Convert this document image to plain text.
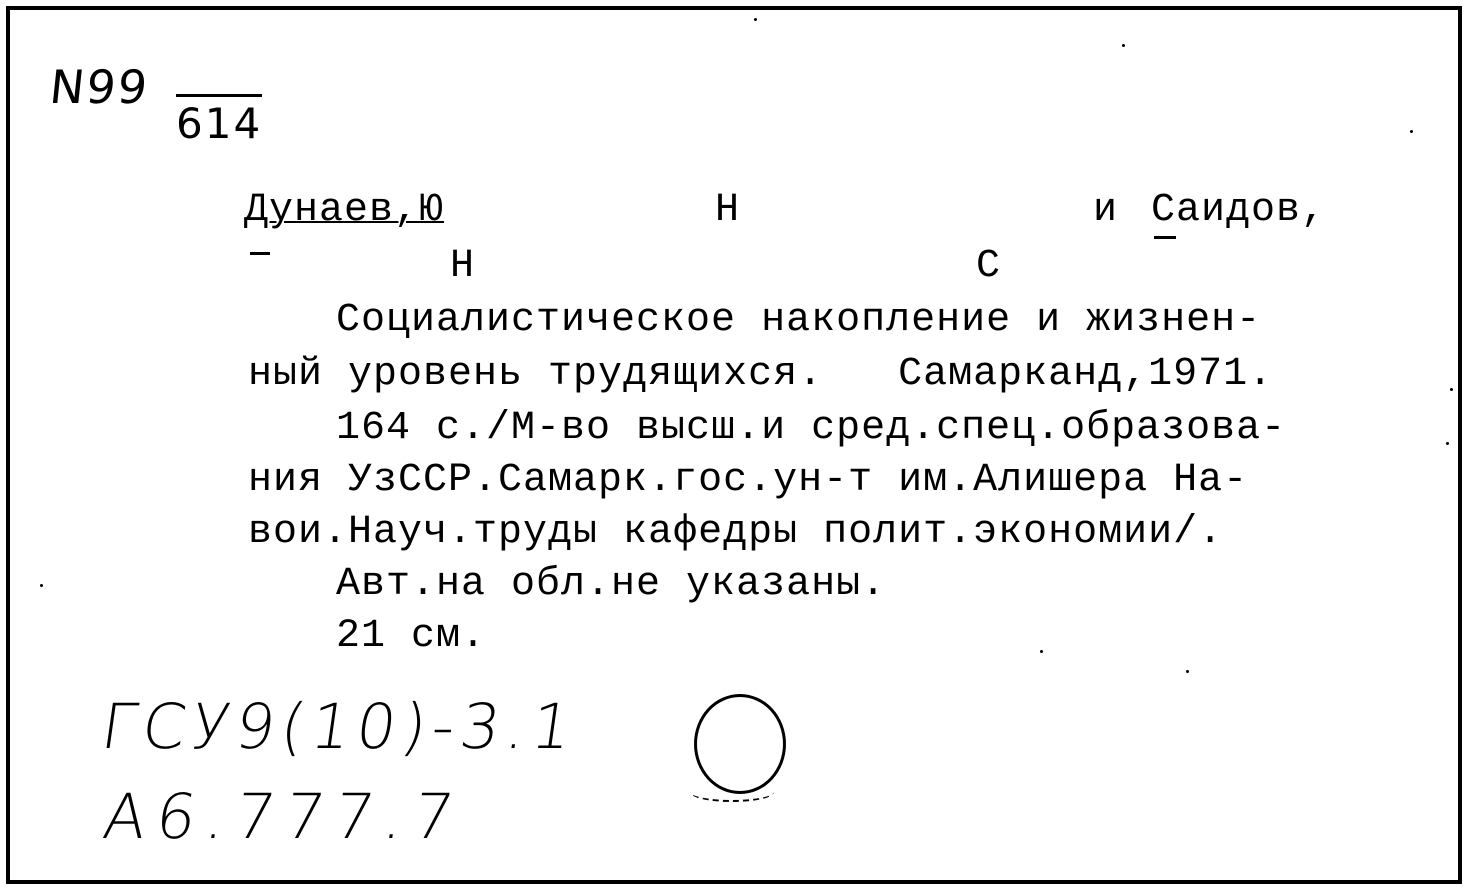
N99
614
Дунаев,Ю	Н	и Саидов,
Н	С
Социалистическое накопление и жизнен-
ный уровень трудящихся.   Самарканд,1971.
164 с./М-во высш.и сред.спец.образова-
ния УзССР.Самарк.гос.ун-т им.Алишера На-
вои.Науч.труды кафедры полит.экономии/.
Авт.на обл.не указаны.
21 см.
ГСУ9(10)-3.1
А6.777.7
